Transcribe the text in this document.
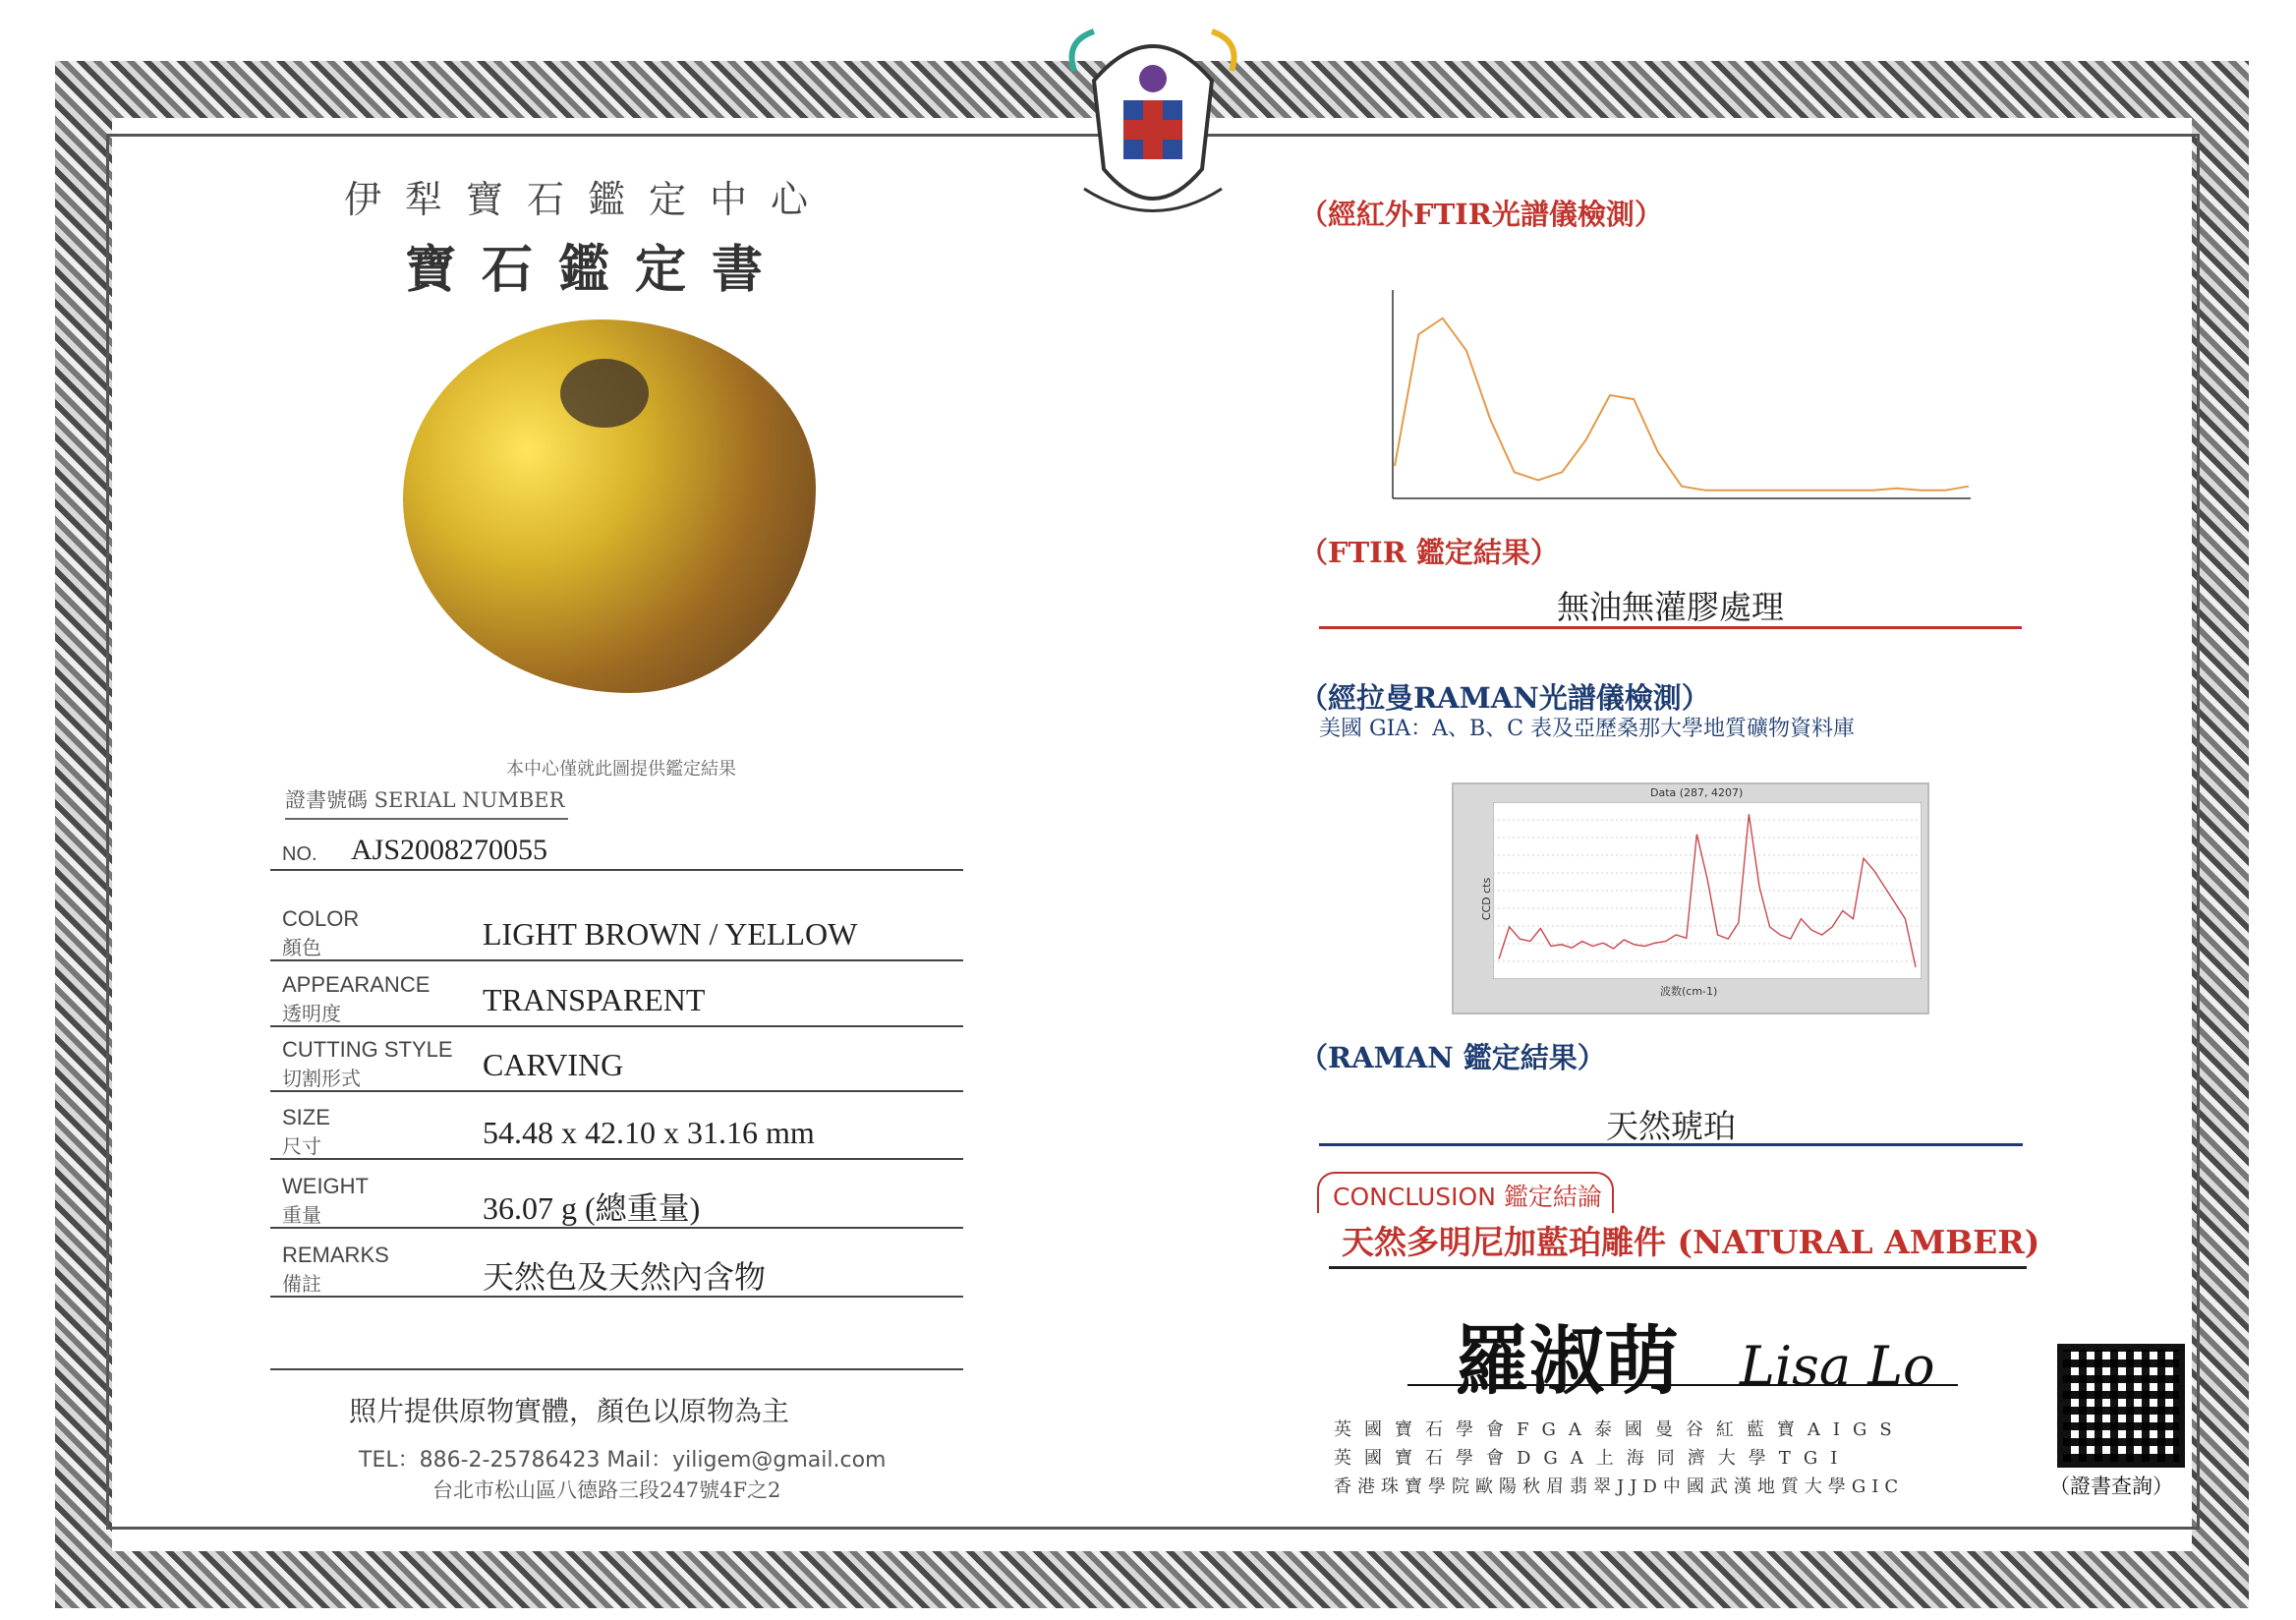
伊犁寶石鑑定中心
寶石鑑定書
本中心僅就此圖提供鑑定結果
證書號碼 SERIAL NUMBER
NO. AJS2008270055
COLOR
顏色	LIGHT BROWN / YELLOW
APPEARANCE
透明度	TRANSPARENT
CUTTING STYLE
切割形式	CARVING
SIZE
尺寸	54.48 x 42.10 x 31.16 mm
WEIGHT
重量	36.07 g (總重量)
REMARKS
備註	天然色及天然內含物
照片提供原物實體，顏色以原物為主
TEL：886-2-25786423 Mail：yiligem@gmail.com
台北市松山區八德路三段247號4F之2
（經紅外FTIR光譜儀檢測）
（FTIR 鑑定結果）
無油無灌膠處理
（經拉曼RAMAN光譜儀檢測）
美國 GIA：A、B、C 表及亞歷桑那大學地質礦物資料庫
Data (287, 4207)
CCD cts
波数(cm-1)
（RAMAN 鑑定結果）
天然琥珀
CONCLUSION 鑑定結論
天然多明尼加藍珀雕件 (NATURAL AMBER)
羅淑萌 Lisa Lo
英國寶石學會FGA泰國曼谷紅藍寶AIGS
英國寶石學會DGA上海同濟大學TGI
香港珠寶學院歐陽秋眉翡翠JJD中國武漢地質大學GIC	（證書查詢）
